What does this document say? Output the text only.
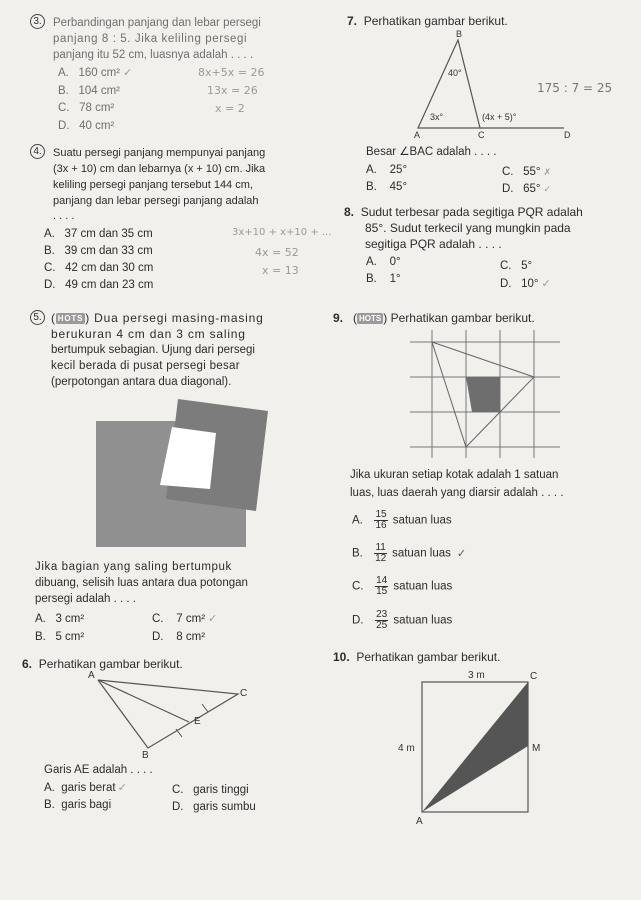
3. Perbandingan panjang dan lebar persegi
panjang 8 : 5. Jika keliling persegi
panjang itu 52 cm, luasnya adalah . . . .
A. 160 cm² ✓
B. 104 cm²
C. 78 cm²
D. 40 cm²
8x+5x = 26
13x = 26
x = 2
4.	Suatu persegi panjang mempunyai panjang
(3x + 10) cm dan lebarnya (x + 10) cm. Jika
keliling persegi panjang tersebut 144 cm,
panjang dan lebar persegi panjang adalah
. . . .
A. 37 cm dan 35 cm
B. 39 cm dan 33 cm
C. 42 cm dan 30 cm
D. 49 cm dan 23 cm
3x+10 + x+10 + ...
4x = 52
x = 13
5. ( HOTS ) Dua persegi masing-masing
berukuran 4 cm dan 3 cm saling
bertumpuk sebagian. Ujung dari persegi
kecil berada di pusat persegi besar
(perpotongan antara dua diagonal).
Jika bagian yang saling bertumpuk
dibuang, selisih luas antara dua potongan
persegi adalah . . . .
A. 3 cm²	C. 7 cm² ✓
B. 5 cm²	D. 8 cm²
6. Perhatikan gambar berikut.
A
C
E
B
Garis AE adalah . . . .
A. garis berat ✓	C. garis tinggi
B. garis bagi	D. garis sumbu
7. Perhatikan gambar berikut.
B
40°
3x°	(4x + 5)°
A	C	D
175 : 7 = 25
Besar ∠BAC adalah . . . .
A. 25°	C. 55° ✗
B. 45°	D. 65° ✓
8. Sudut terbesar pada segitiga PQR adalah
85°. Sudut terkecil yang mungkin pada
segitiga PQR adalah . . . .
A. 0°	C. 5°
B. 1°	D. 10° ✓
9.   ( HOTS ) Perhatikan gambar berikut.
Jika ukuran setiap kotak adalah 1 satuan
luas, luas daerah yang diarsir adalah . . . .
A. $\frac{15}{16}$ satuan luas
B. $\frac{11}{12}$ satuan luas ✓
C. $\frac{14}{15}$ satuan luas
D. $\frac{23}{25}$ satuan luas
10. Perhatikan gambar berikut.
3 m	C
4 m	M
A
